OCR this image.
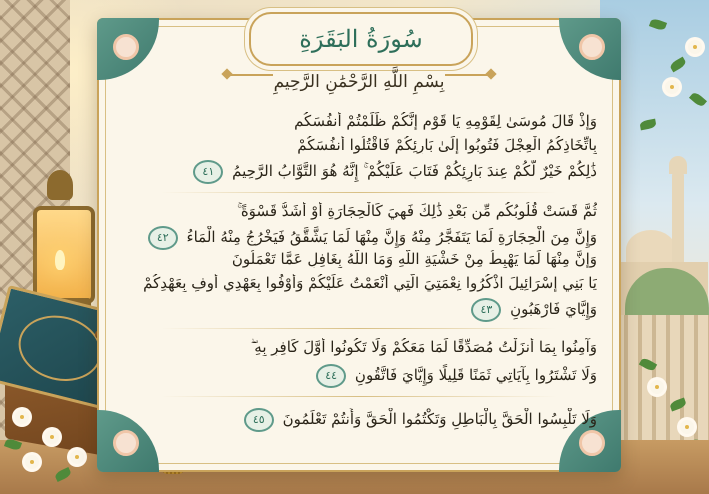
سُورَةُ البَقَرَةِ
بِسْمِ اللَّهِ الرَّحْمَٰنِ الرَّحِيمِ
وَإِذْ قَالَ مُوسَىٰ لِقَوْمِهِ يَا قَوْمِ إِنَّكُمْ ظَلَمْتُمْ أَنفُسَكُم
بِاتِّخَاذِكُمُ الْعِجْلَ فَتُوبُوا إِلَىٰ بَارِئِكُمْ فَاقْتُلُوا أَنفُسَكُمْ
ذَٰلِكُمْ خَيْرٌ لَّكُمْ عِندَ بَارِئِكُمْ فَتَابَ عَلَيْكُمْ ۚ إِنَّهُ هُوَ التَّوَّابُ الرَّحِيمُ ٤١
ثُمَّ قَسَتْ قُلُوبُكُم مِّن بَعْدِ ذَٰلِكَ فَهِيَ كَالْحِجَارَةِ أَوْ أَشَدُّ قَسْوَةً ۚ
وَإِنَّ مِنَ الْحِجَارَةِ لَمَا يَتَفَجَّرُ مِنْهُ وَإِنَّ مِنْهَا لَمَا يَشَّقَّقُ فَيَخْرُجُ مِنْهُ الْمَاءُ ٤٢
وَإِنَّ مِنْهَا لَمَا يَهْبِطُ مِنْ خَشْيَةِ اللَّهِ وَمَا اللَّهُ بِغَافِلٍ عَمَّا تَعْمَلُونَ
يَا بَنِي إِسْرَائِيلَ اذْكُرُوا نِعْمَتِيَ الَّتِي أَنْعَمْتُ عَلَيْكُمْ وَأَوْفُوا بِعَهْدِي أُوفِ بِعَهْدِكُمْ
وَإِيَّايَ فَارْهَبُونِ ٤٣
وَآمِنُوا بِمَا أَنزَلْتُ مُصَدِّقًا لِّمَا مَعَكُمْ وَلَا تَكُونُوا أَوَّلَ كَافِرٍ بِهِ ۖ
وَلَا تَشْتَرُوا بِآيَاتِي ثَمَنًا قَلِيلًا وَإِيَّايَ فَاتَّقُونِ ٤٤
وَلَا تَلْبِسُوا الْحَقَّ بِالْبَاطِلِ وَتَكْتُمُوا الْحَقَّ وَأَنتُمْ تَعْلَمُونَ ٤٥
